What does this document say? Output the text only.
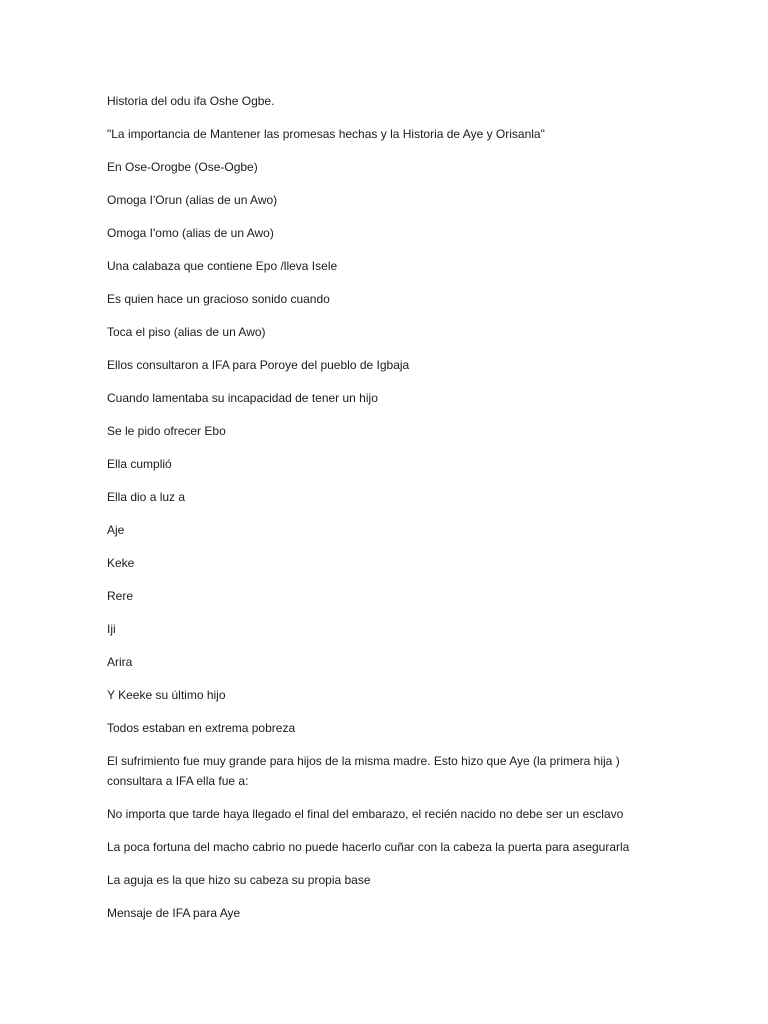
Historia del odu ifa Oshe Ogbe.

"La importancia de Mantener las promesas hechas y la Historia de Aye y Orisanla"

En Ose-Orogbe (Ose-Ogbe)

Omoga I'Orun (alias de un Awo)

Omoga I'omo (alias de un Awo)

Una calabaza que contiene Epo /lleva Isele

Es quien hace un gracioso sonido cuando

Toca el piso (alias de un Awo)

Ellos consultaron a IFA para Poroye del pueblo de Igbaja

Cuando lamentaba su incapacidad de tener un hijo

Se le pido ofrecer Ebo

Ella cumplió

Ella dio a luz a

Aje

Keke

Rere

Iji

Arira

Y Keeke su último hijo

Todos estaban en extrema pobreza

El sufrimiento fue muy grande para hijos de la misma madre. Esto hizo que Aye (la primera hija )
consultara a IFA ella fue a:

No importa que tarde haya llegado el final del embarazo, el recién nacido no debe ser un esclavo

La poca fortuna del macho cabrio no puede hacerlo cuñar con la cabeza la puerta para asegurarla

La aguja es la que hizo su cabeza su propia base

Mensaje de IFA para Aye
